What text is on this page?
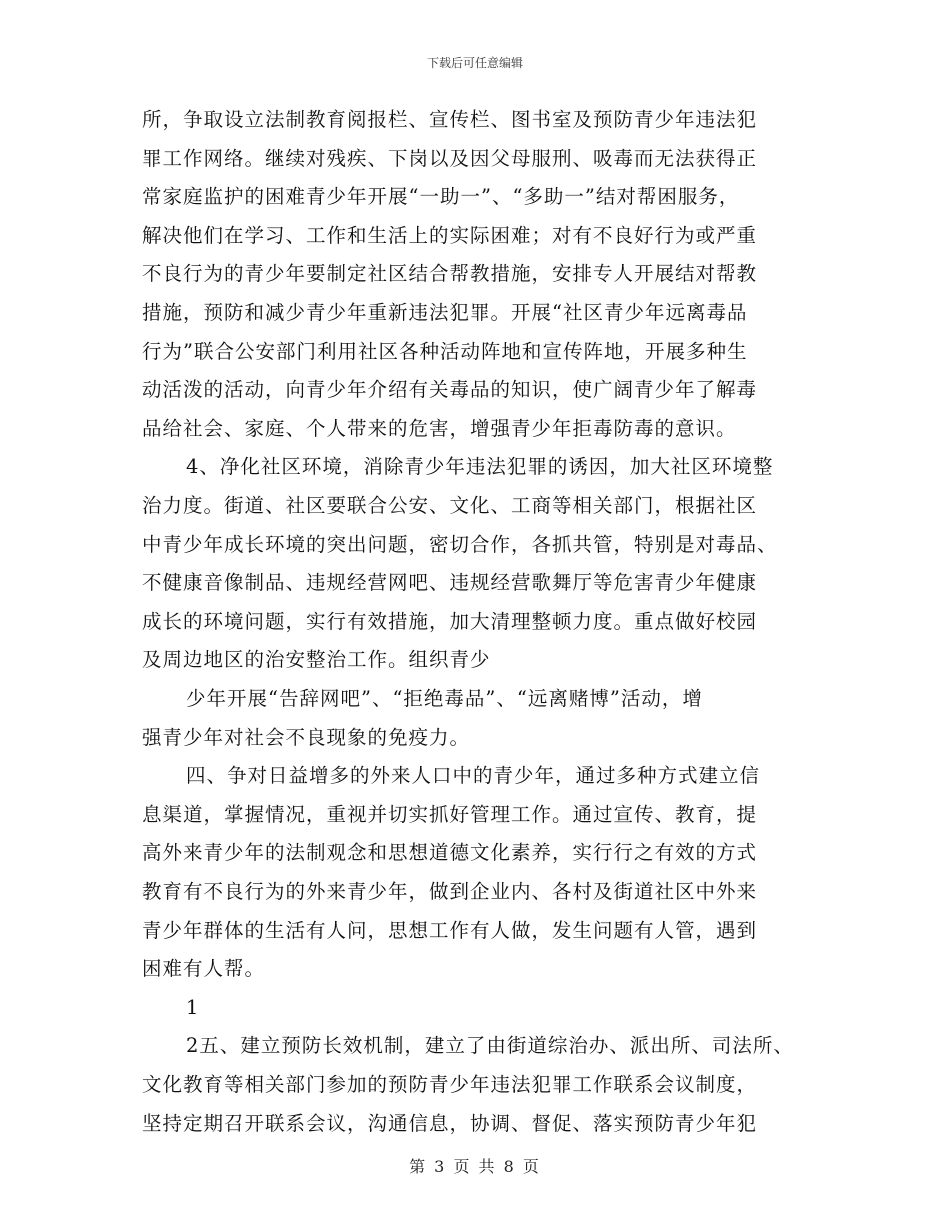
下载后可任意编辑
所，争取设立法制教育阅报栏、宣传栏、图书室及预防青少年违法犯
罪工作网络。继续对残疾、下岗以及因父母服刑、吸毒而无法获得正
常家庭监护的困难青少年开展“一助一”、“多助一”结对帮困服务，
解决他们在学习、工作和生活上的实际困难；对有不良好行为或严重
不良行为的青少年要制定社区结合帮教措施，安排专人开展结对帮教
措施，预防和减少青少年重新违法犯罪。开展“社区青少年远离毒品
行为”联合公安部门利用社区各种活动阵地和宣传阵地，开展多种生
动活泼的活动，向青少年介绍有关毒品的知识，使广阔青少年了解毒
品给社会、家庭、个人带来的危害，增强青少年拒毒防毒的意识。
4、净化社区环境，消除青少年违法犯罪的诱因，加大社区环境整
治力度。街道、社区要联合公安、文化、工商等相关部门，根据社区
中青少年成长环境的突出问题，密切合作，各抓共管，特别是对毒品、
不健康音像制品、违规经营网吧、违规经营歌舞厅等危害青少年健康
成长的环境问题，实行有效措施，加大清理整顿力度。重点做好校园
及周边地区的治安整治工作。组织青少
少年开展“告辞网吧”、“拒绝毒品”、“远离赌博”活动，增
强青少年对社会不良现象的免疫力。
四、争对日益增多的外来人口中的青少年，通过多种方式建立信
息渠道，掌握情况，重视并切实抓好管理工作。通过宣传、教育，提
高外来青少年的法制观念和思想道德文化素养，实行行之有效的方式
教育有不良行为的外来青少年，做到企业内、各村及街道社区中外来
青少年群体的生活有人问，思想工作有人做，发生问题有人管，遇到
困难有人帮。
1
2五、建立预防长效机制，建立了由街道综治办、派出所、司法所、
文化教育等相关部门参加的预防青少年违法犯罪工作联系会议制度，
坚持定期召开联系会议，沟通信息，协调、督促、落实预防青少年犯
第 3 页 共 8 页
